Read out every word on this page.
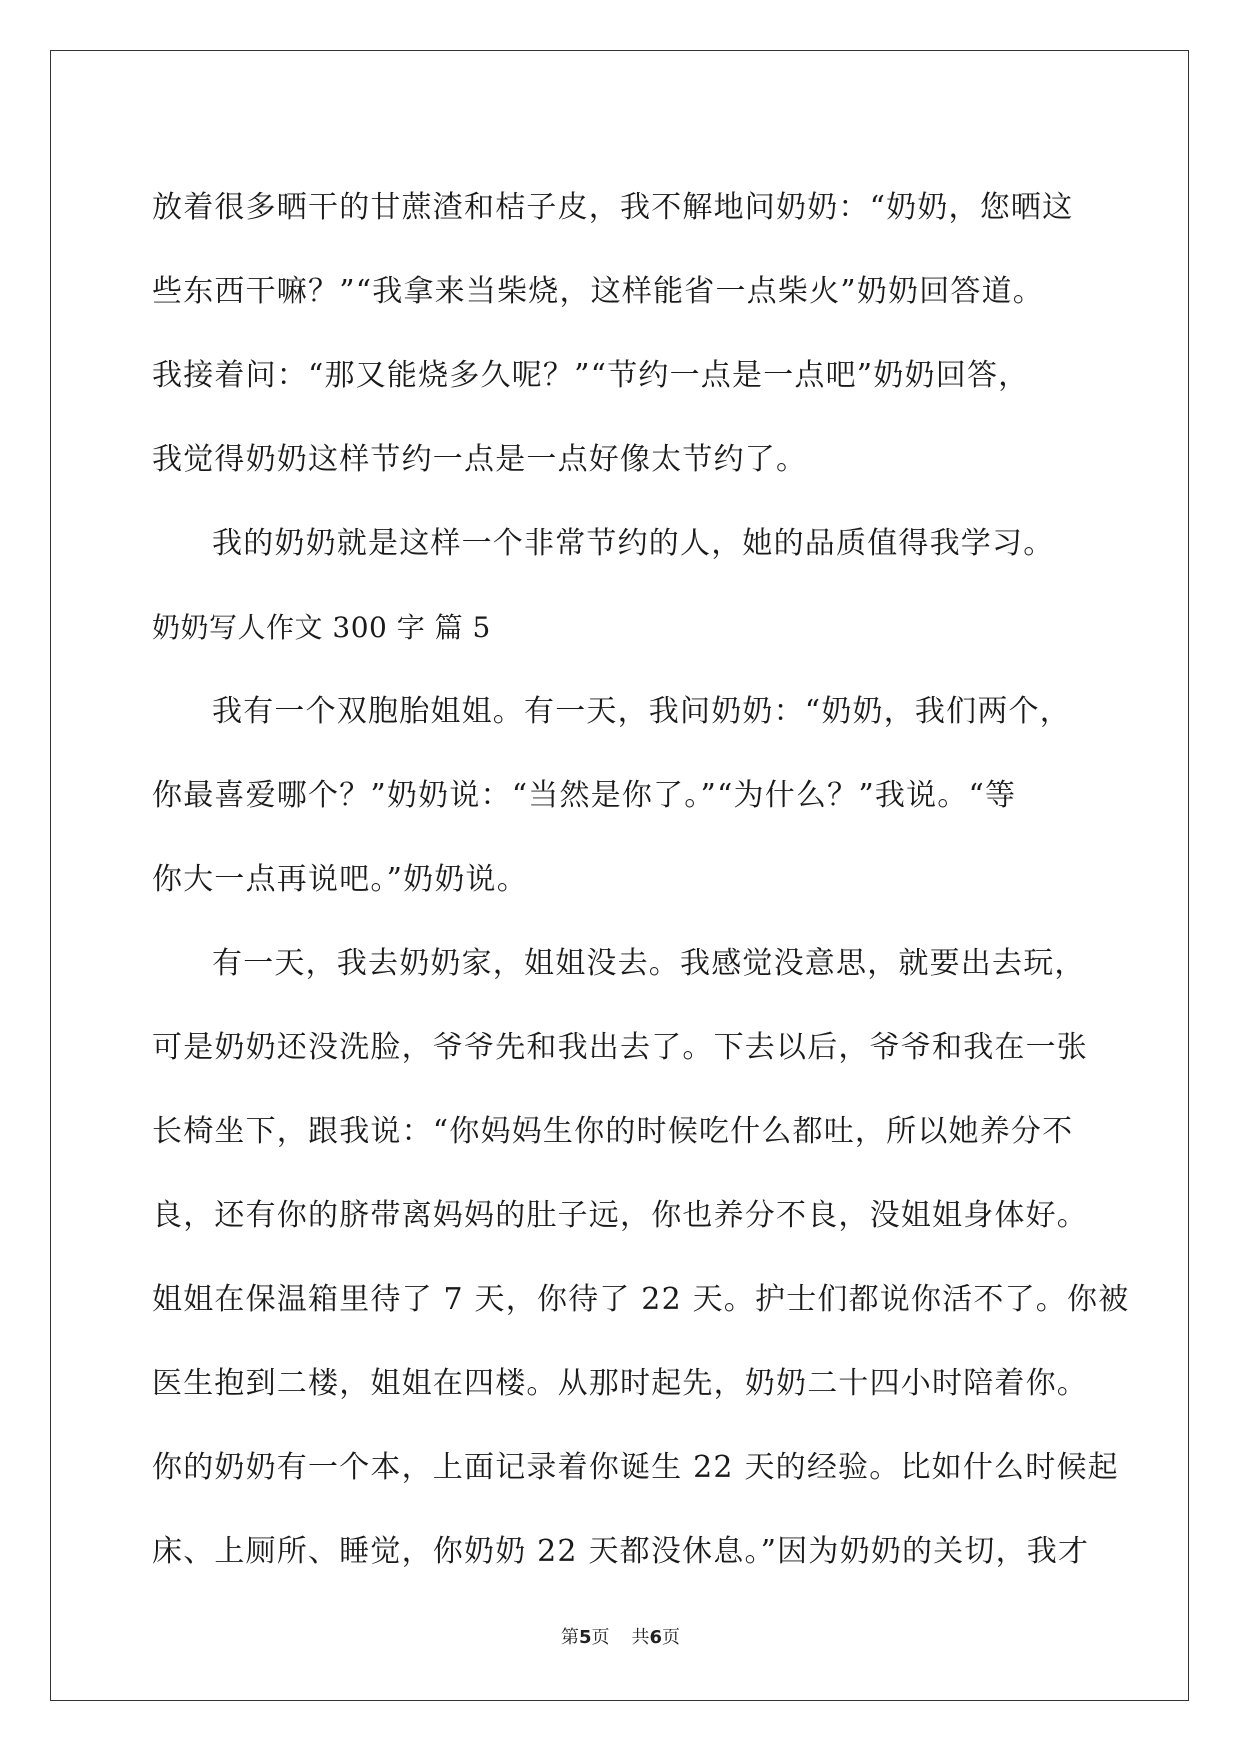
放着很多晒干的甘蔗渣和桔子皮，我不解地问奶奶：“奶奶，您晒这
些东西干嘛？”“我拿来当柴烧，这样能省一点柴火”奶奶回答道。
我接着问：“那又能烧多久呢？”“节约一点是一点吧”奶奶回答，
我觉得奶奶这样节约一点是一点好像太节约了。
我的奶奶就是这样一个非常节约的人，她的品质值得我学习。
奶奶写人作文 300 字 篇 5
我有一个双胞胎姐姐。有一天，我问奶奶：“奶奶，我们两个，
你最喜爱哪个？”奶奶说：“当然是你了。”“为什么？”我说。“等
你大一点再说吧。”奶奶说。
有一天，我去奶奶家，姐姐没去。我感觉没意思，就要出去玩，
可是奶奶还没洗脸，爷爷先和我出去了。下去以后，爷爷和我在一张
长椅坐下，跟我说：“你妈妈生你的时候吃什么都吐，所以她养分不
良，还有你的脐带离妈妈的肚子远，你也养分不良，没姐姐身体好。
姐姐在保温箱里待了 7 天，你待了 22 天。护士们都说你活不了。你被
医生抱到二楼，姐姐在四楼。从那时起先，奶奶二十四小时陪着你。
你的奶奶有一个本，上面记录着你诞生 22 天的经验。比如什么时候起
床、上厕所、睡觉，你奶奶 22 天都没休息。”因为奶奶的关切，我才
第5页 共6页
